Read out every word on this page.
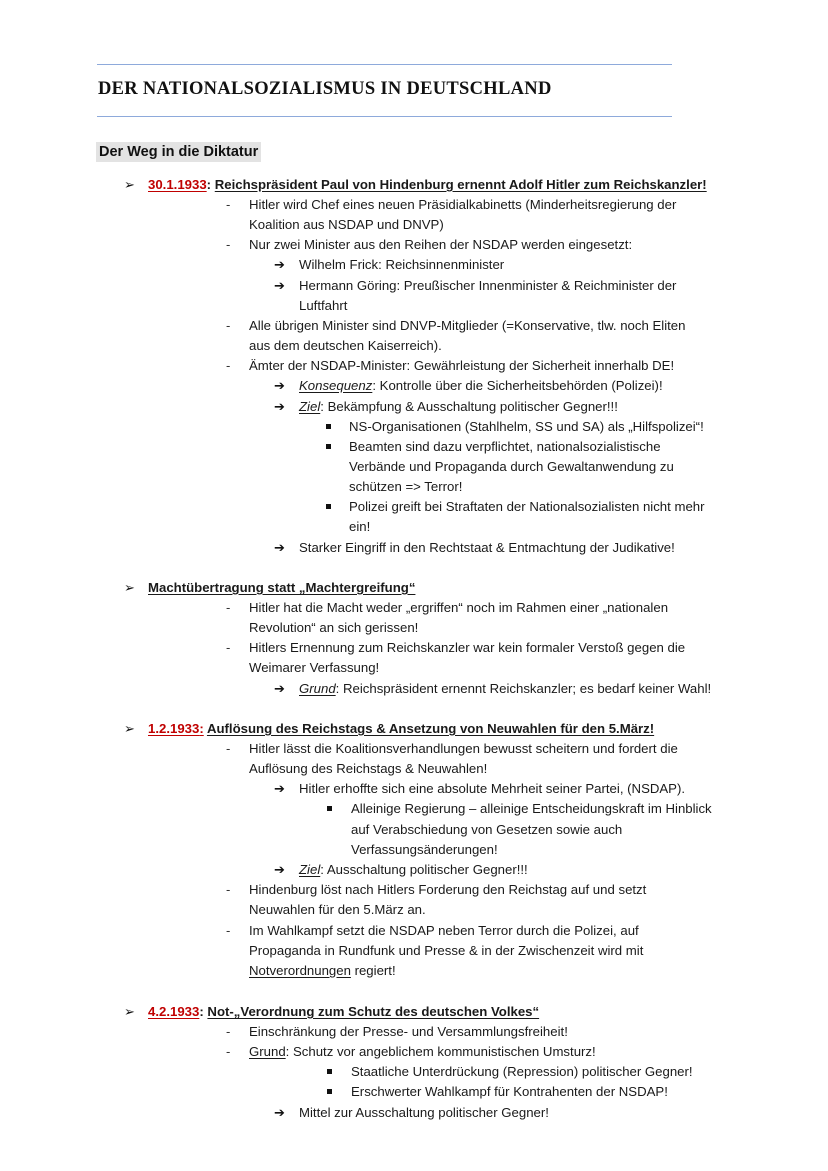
DER NATIONALSOZIALISMUS IN DEUTSCHLAND
Der Weg in die Diktatur
➢ 30.1.1933: Reichspräsident Paul von Hindenburg ernennt Adolf Hitler zum Reichskanzler!
- Hitler wird Chef eines neuen Präsidialkabinetts (Minderheitsregierung der
Koalition aus NSDAP und DNVP)
- Nur zwei Minister aus den Reihen der NSDAP werden eingesetzt:
➔ Wilhelm Frick: Reichsinnenminister
➔ Hermann Göring: Preußischer Innenminister & Reichminister der
Luftfahrt
- Alle übrigen Minister sind DNVP-Mitglieder (=Konservative, tlw. noch Eliten
aus dem deutschen Kaiserreich).
- Ämter der NSDAP-Minister: Gewährleistung der Sicherheit innerhalb DE!
➔ Konsequenz: Kontrolle über die Sicherheitsbehörden (Polizei)!
➔ Ziel: Bekämpfung & Ausschaltung politischer Gegner!!!
NS-Organisationen (Stahlhelm, SS und SA) als „Hilfspolizei“!
Beamten sind dazu verpflichtet, nationalsozialistische
Verbände und Propaganda durch Gewaltanwendung zu
schützen => Terror!
Polizei greift bei Straftaten der Nationalsozialisten nicht mehr
ein!
➔ Starker Eingriff in den Rechtstaat & Entmachtung der Judikative!
➢ Machtübertragung statt „Machtergreifung“
- Hitler hat die Macht weder „ergriffen“ noch im Rahmen einer „nationalen
Revolution“ an sich gerissen!
- Hitlers Ernennung zum Reichskanzler war kein formaler Verstoß gegen die
Weimarer Verfassung!
➔ Grund: Reichspräsident ernennt Reichskanzler; es bedarf keiner Wahl!
➢ 1.2.1933: Auflösung des Reichstags & Ansetzung von Neuwahlen für den 5.März!
- Hitler lässt die Koalitionsverhandlungen bewusst scheitern und fordert die
Auflösung des Reichstags & Neuwahlen!
➔ Hitler erhoffte sich eine absolute Mehrheit seiner Partei, (NSDAP).
Alleinige Regierung – alleinige Entscheidungskraft im Hinblick
auf Verabschiedung von Gesetzen sowie auch
Verfassungsänderungen!
➔ Ziel: Ausschaltung politischer Gegner!!!
- Hindenburg löst nach Hitlers Forderung den Reichstag auf und setzt
Neuwahlen für den 5.März an.
- Im Wahlkampf setzt die NSDAP neben Terror durch die Polizei, auf
Propaganda in Rundfunk und Presse & in der Zwischenzeit wird mit
Notverordnungen regiert!
➢ 4.2.1933: Not-„Verordnung zum Schutz des deutschen Volkes“
- Einschränkung der Presse- und Versammlungsfreiheit!
- Grund: Schutz vor angeblichem kommunistischen Umsturz!
Staatliche Unterdrückung (Repression) politischer Gegner!
Erschwerter Wahlkampf für Kontrahenten der NSDAP!
➔ Mittel zur Ausschaltung politischer Gegner!
